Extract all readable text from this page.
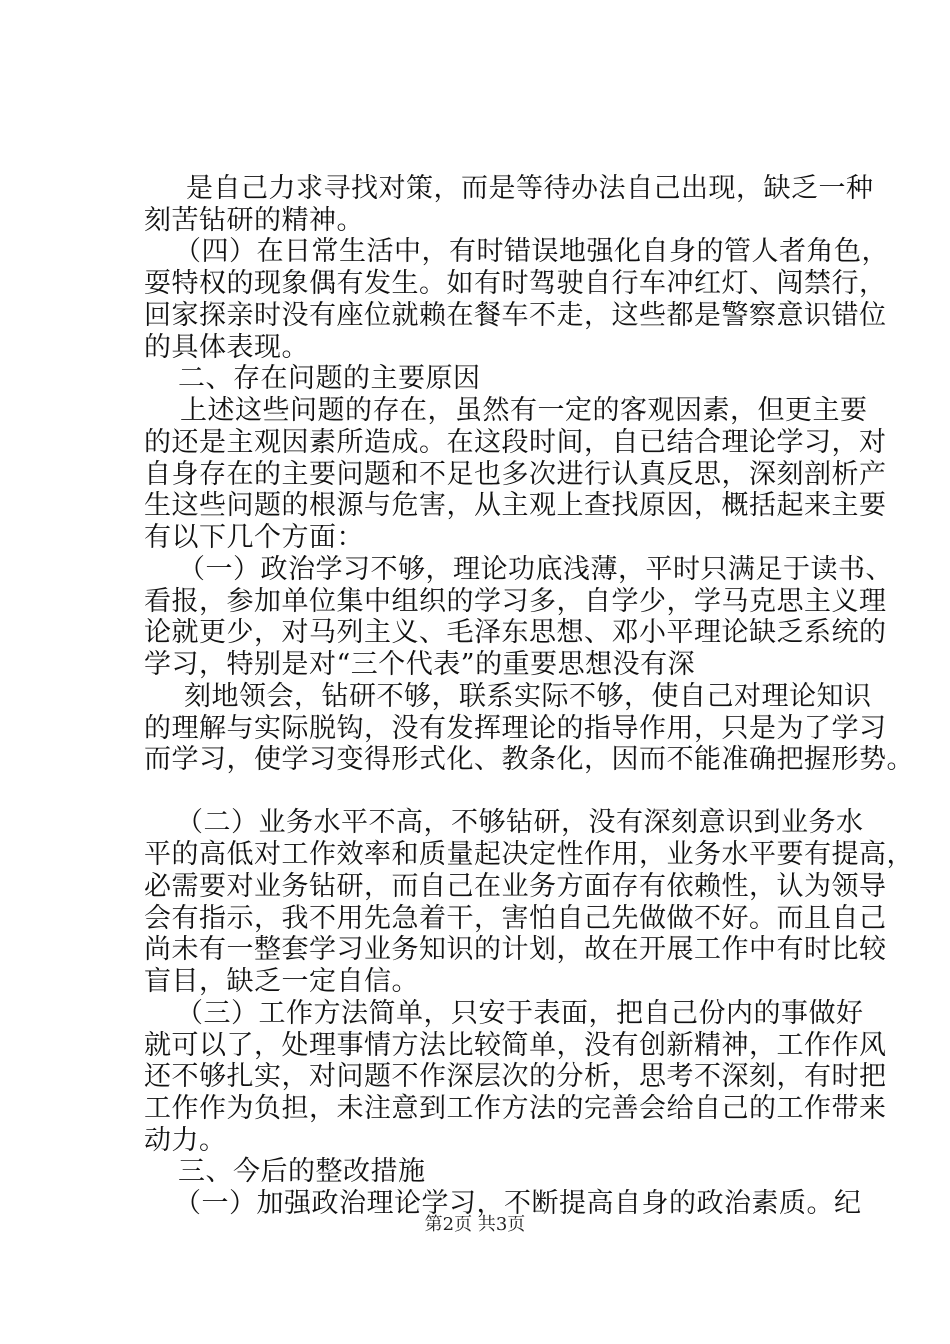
是自己力求寻找对策，而是等待办法自己出现，缺乏一种
刻苦钻研的精神。
（四）在日常生活中，有时错误地强化自身的管人者角色，
耍特权的现象偶有发生。如有时驾驶自行车冲红灯、闯禁行，
回家探亲时没有座位就赖在餐车不走，这些都是警察意识错位
的具体表现。
二、存在问题的主要原因
上述这些问题的存在，虽然有一定的客观因素，但更主要
的还是主观因素所造成。在这段时间，自已结合理论学习，对
自身存在的主要问题和不足也多次进行认真反思，深刻剖析产
生这些问题的根源与危害，从主观上查找原因，概括起来主要
有以下几个方面：
（一）政治学习不够，理论功底浅薄，平时只满足于读书、
看报，参加单位集中组织的学习多，自学少，学马克思主义理
论就更少，对马列主义、毛泽东思想、邓小平理论缺乏系统的
学习，特别是对“三个代表”的重要思想没有深
刻地领会，钻研不够，联系实际不够，使自己对理论知识
的理解与实际脱钩，没有发挥理论的指导作用，只是为了学习
而学习，使学习变得形式化、教条化，因而不能准确把握形势。
（二）业务水平不高，不够钻研，没有深刻意识到业务水
平的高低对工作效率和质量起决定性作用，业务水平要有提高，
必需要对业务钻研，而自己在业务方面存有依赖性，认为领导
会有指示，我不用先急着干，害怕自己先做做不好。而且自己
尚未有一整套学习业务知识的计划，故在开展工作中有时比较
盲目，缺乏一定自信。
（三）工作方法简单，只安于表面，把自己份内的事做好
就可以了，处理事情方法比较简单，没有创新精神，工作作风
还不够扎实，对问题不作深层次的分析，思考不深刻，有时把
工作作为负担，未注意到工作方法的完善会给自己的工作带来
动力。
三、今后的整改措施
（一）加强政治理论学习，不断提高自身的政治素质。纪
第2页 共3页
